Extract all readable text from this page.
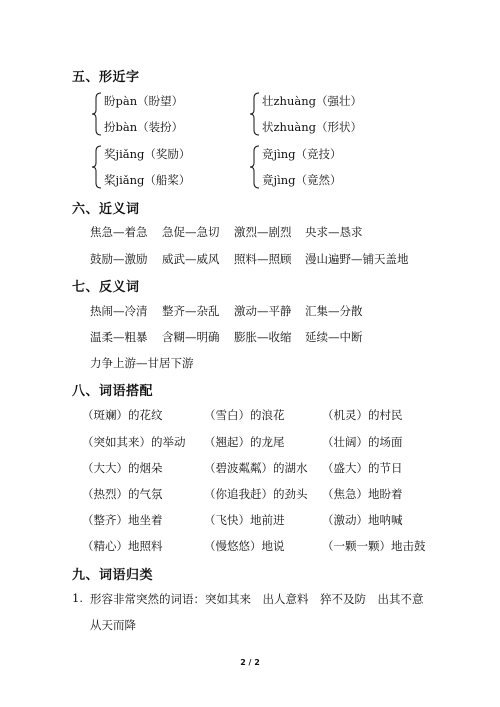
五、形近字
盼pàn（盼望）
扮bàn（装扮）
壮zhuàng（强壮）
状zhuàng（形状）
奖jiǎng（奖励）
桨jiǎng（船桨）
竞jìng（竞技）
竟jìng（竟然）
六、近义词
焦急—着急 急促—急切 激烈—剧烈 央求—恳求
鼓励—激励 威武—威风 照料—照顾 漫山遍野—铺天盖地
七、反义词
热闹—冷清 整齐—杂乱 激动—平静 汇集—分散
温柔—粗暴 含糊—明确 膨胀—收缩 延续—中断
力争上游—甘居下游
八、词语搭配
（斑斓）的花纹	（雪白）的浪花	（机灵）的村民
（突如其来）的举动 （翘起）的龙尾	（壮阔）的场面
（大大）的烟朵	（碧波粼粼）的湖水 （盛大）的节日
（热烈）的气氛	（你追我赶）的劲头 （焦急）地盼着
（整齐）地坐着	（飞快）地前进	（激动）地呐喊
（精心）地照料	（慢悠悠）地说	（一颗一颗）地击鼓
九、词语归类
1. 形容非常突然的词语：突如其来　出人意料　猝不及防　出其不意
从天而降
2 / 2
